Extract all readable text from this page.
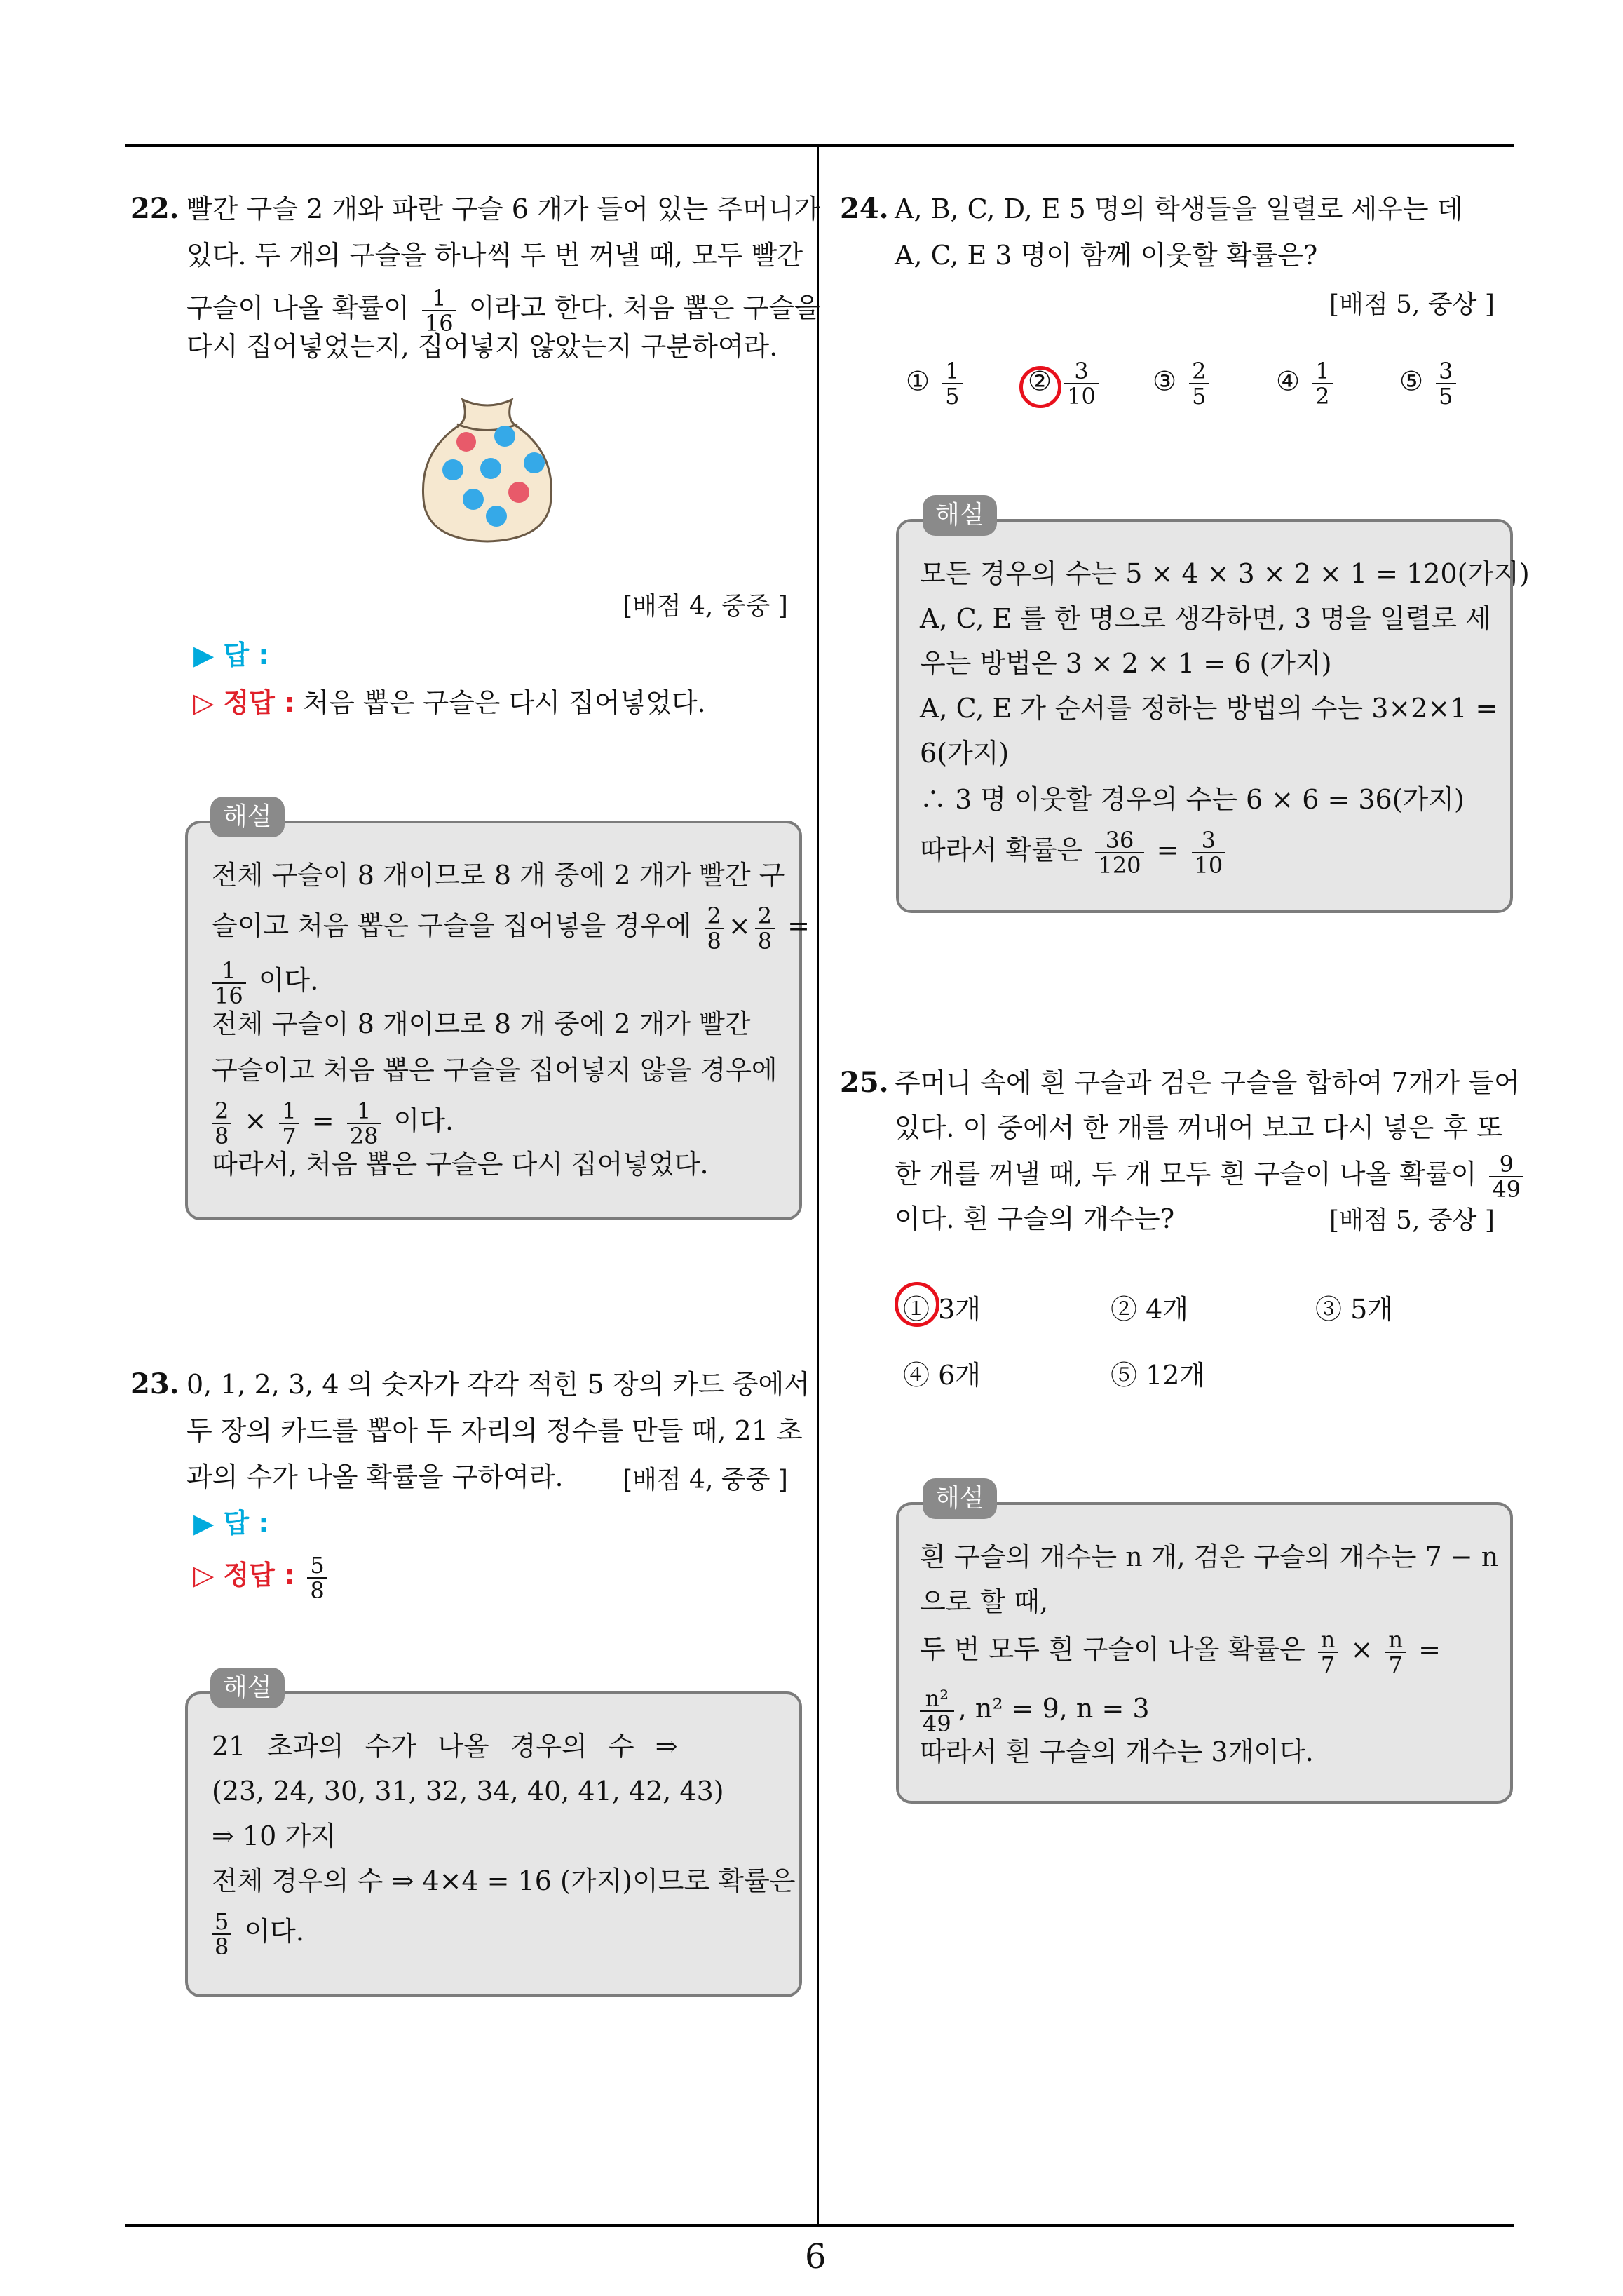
6
22. 빨간 구슬 2 개와 파란 구슬 6 개가 들어 있는 주머니가
있다. 두 개의 구슬을 하나씩 두 번 꺼낼 때, 모두 빨간
구슬이 나올 확률이 $\frac{1}{16}$ 이라고 한다. 처음 뽑은 구슬을
다시 집어넣었는지, 집어넣지 않았는지 구분하여라.
[배점 4, 중중 ]
▶ 답 :
▷ 정답 : 처음 뽑은 구슬은 다시 집어넣었다.
해설
전체 구슬이 8 개이므로 8 개 중에 2 개가 빨간 구
슬이고 처음 뽑은 구슬을 집어넣을 경우에 $\frac{2}{8} \times \frac{2}{8}$ =
$\frac{1}{16}$ 이다.
전체 구슬이 8 개이므로 8 개 중에 2 개가 빨간
구슬이고 처음 뽑은 구슬을 집어넣지 않을 경우에
$\frac{2}{8} \times \frac{1}{7} = \frac{1}{28}$ 이다.
따라서, 처음 뽑은 구슬은 다시 집어넣었다.
23. 0, 1, 2, 3, 4 의 숫자가 각각 적힌 5 장의 카드 중에서
두 장의 카드를 뽑아 두 자리의 정수를 만들 때, 21 초
과의 수가 나올 확률을 구하여라. [배점 4, 중중 ]
▶ 답 :
▷ 정답 : $\frac{5}{8}$
해설
21 초과의 수가 나올 경우의 수 ⇒
(23, 24, 30, 31, 32, 34, 40, 41, 42, 43)
⇒ 10 가지
전체 경우의 수 ⇒ 4×4 = 16 (가지)이므로 확률은
$\frac{5}{8}$ 이다.
24. A, B, C, D, E 5 명의 학생들을 일렬로 세우는 데
A, C, E 3 명이 함께 이웃할 확률은?
[배점 5, 중상 ]
① $\frac{1}{5}$ ② $\frac{3}{10}$ ③ $\frac{2}{5}$	④ $\frac{1}{2}$	⑤ $\frac{3}{5}$
해설
모든 경우의 수는 5 × 4 × 3 × 2 × 1 = 120(가지)
A, C, E 를 한 명으로 생각하면, 3 명을 일렬로 세
우는 방법은 3 × 2 × 1 = 6 (가지)
A, C, E 가 순서를 정하는 방법의 수는 3×2×1 =
6(가지)
∴ 3 명 이웃할 경우의 수는 6 × 6 = 36(가지)
따라서 확률은 $\frac{36}{120} = \frac{3}{10}$
25. 주머니 속에 흰 구슬과 검은 구슬을 합하여 7개가 들어
있다. 이 중에서 한 개를 꺼내어 보고 다시 넣은 후 또
한 개를 꺼낼 때, 두 개 모두 흰 구슬이 나올 확률이 $\frac{9}{49}$
이다. 흰 구슬의 개수는?	[배점 5, 중상 ]
① 3개	② 4개	③ 5개
④ 6개	⑤ 12개
해설
흰 구슬의 개수는 n 개, 검은 구슬의 개수는 7 − n
으로 할 때,
두 번 모두 흰 구슬이 나올 확률은 $\frac{n}{7} \times \frac{n}{7}$ =
$\frac{\text{n²}}{49}$ , n² = 9, n = 3
따라서 흰 구슬의 개수는 3개이다.
